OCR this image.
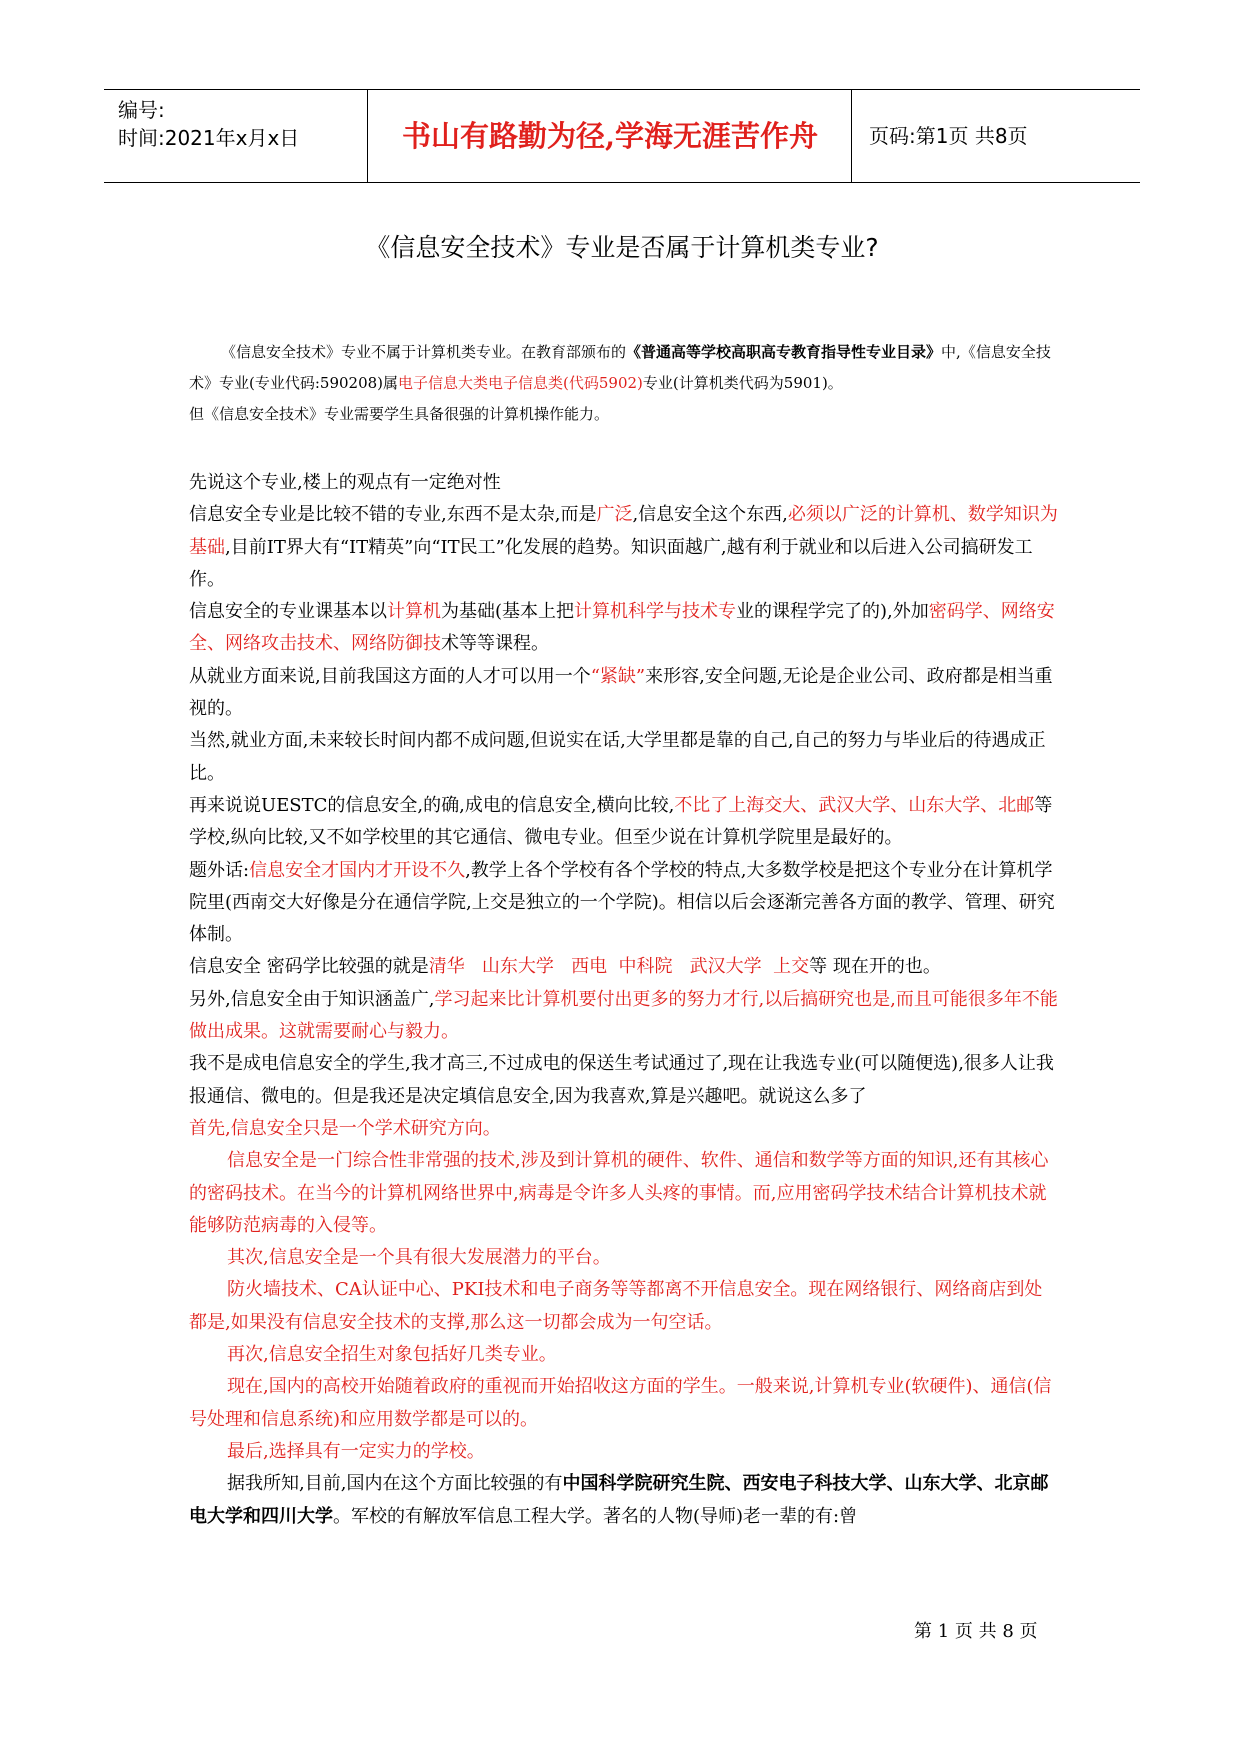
编号:
时间:2021年x月x日	书山有路勤为径,学海无涯苦作舟	页码:第1页 共8页
《信息安全技术》专业是否属于计算机类专业?

《信息安全技术》专业不属于计算机类专业。在教育部颁布的《普通高等学校高职高专教育指导性专业目录》中,《信息安全技术》专业(专业代码:590208)属电子信息大类电子信息类(代码5902)专业(计算机类代码为5901)。

但《信息安全技术》专业需要学生具备很强的计算机操作能力。

先说这个专业,楼上的观点有一定绝对性

信息安全专业是比较不错的专业,东西不是太杂,而是广泛,信息安全这个东西,必须以广泛的计算机、数学知识为基础,目前IT界大有“IT精英”向“IT民工”化发展的趋势。知识面越广,越有利于就业和以后进入公司搞研发工作。

信息安全的专业课基本以计算机为基础(基本上把计算机科学与技术专业的课程学完了的),外加密码学、网络安全、网络攻击技术、网络防御技术等等课程。

从就业方面来说,目前我国这方面的人才可以用一个“紧缺”来形容,安全问题,无论是企业公司、政府都是相当重视的。

当然,就业方面,未来较长时间内都不成问题,但说实在话,大学里都是靠的自己,自己的努力与毕业后的待遇成正比。

再来说说UESTC的信息安全,的确,成电的信息安全,横向比较,不比了上海交大、武汉大学、山东大学、北邮等学校,纵向比较,又不如学校里的其它通信、微电专业。但至少说在计算机学院里是最好的。

题外话:信息安全才国内才开设不久,教学上各个学校有各个学校的特点,大多数学校是把这个专业分在计算机学院里(西南交大好像是分在通信学院,上交是独立的一个学院)。相信以后会逐渐完善各方面的教学、管理、研究体制。

信息安全 密码学比较强的就是清华   山东大学   西电  中科院   武汉大学  上交等 现在开的也。

另外,信息安全由于知识涵盖广,学习起来比计算机要付出更多的努力才行,以后搞研究也是,而且可能很多年不能做出成果。这就需要耐心与毅力。

我不是成电信息安全的学生,我才高三,不过成电的保送生考试通过了,现在让我选专业(可以随便选),很多人让我报通信、微电的。但是我还是决定填信息安全,因为我喜欢,算是兴趣吧。就说这么多了

首先,信息安全只是一个学术研究方向。

信息安全是一门综合性非常强的技术,涉及到计算机的硬件、软件、通信和数学等方面的知识,还有其核心的密码技术。在当今的计算机网络世界中,病毒是令许多人头疼的事情。而,应用密码学技术结合计算机技术就能够防范病毒的入侵等。

其次,信息安全是一个具有很大发展潜力的平台。

防火墙技术、CA认证中心、PKI技术和电子商务等等都离不开信息安全。现在网络银行、网络商店到处都是,如果没有信息安全技术的支撑,那么这一切都会成为一句空话。

再次,信息安全招生对象包括好几类专业。

现在,国内的高校开始随着政府的重视而开始招收这方面的学生。一般来说,计算机专业(软硬件)、通信(信号处理和信息系统)和应用数学都是可以的。

最后,选择具有一定实力的学校。

据我所知,目前,国内在这个方面比较强的有中国科学院研究生院、西安电子科技大学、山东大学、北京邮电大学和四川大学。军校的有解放军信息工程大学。著名的人物(导师)老一辈的有:曾

第 1 页 共 8 页
